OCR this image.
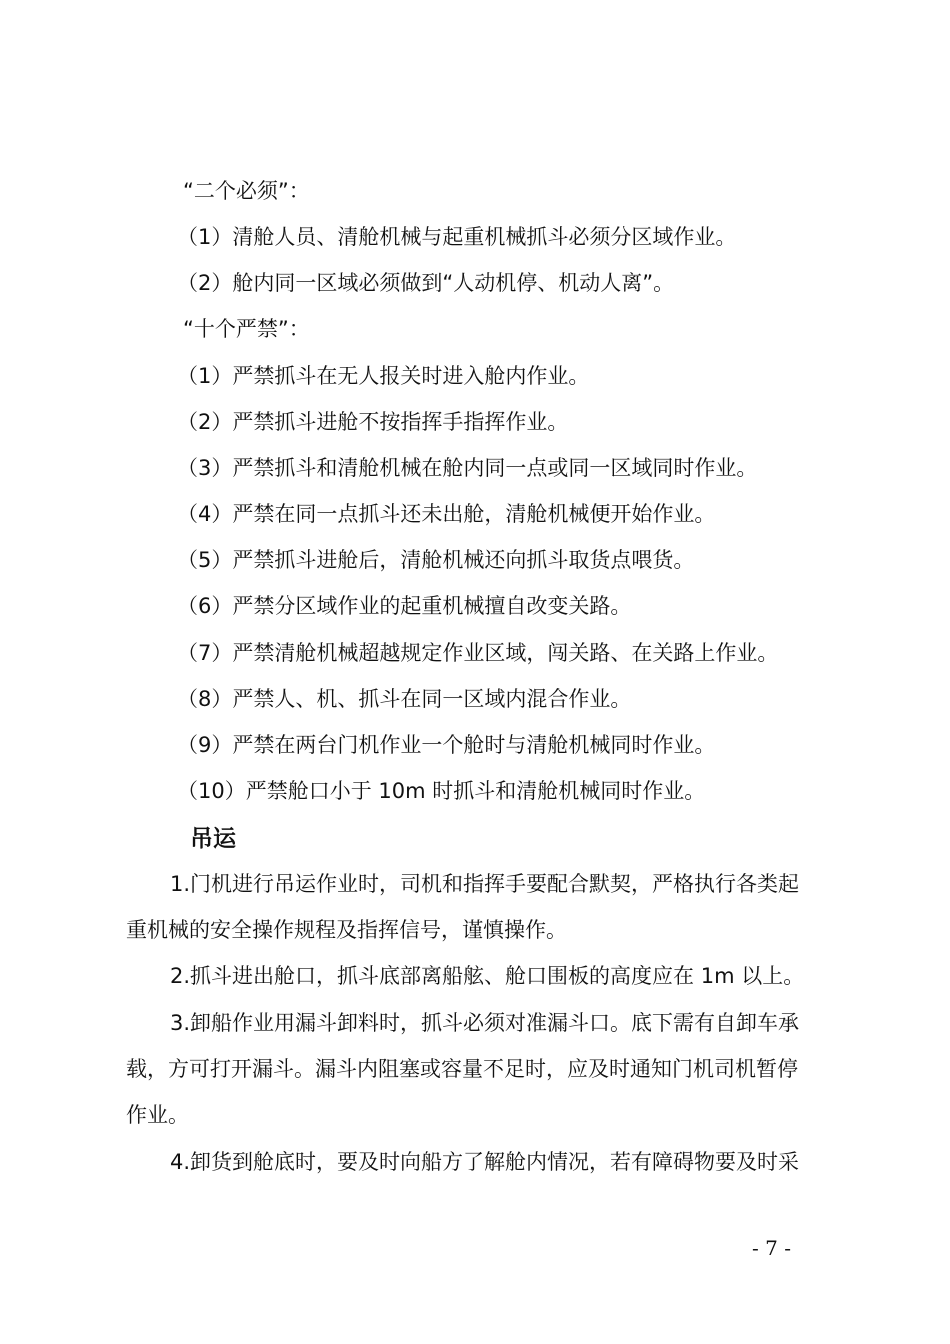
“二个必须”：
（1）清舱人员、清舱机械与起重机械抓斗必须分区域作业。
（2）舱内同一区域必须做到“人动机停、机动人离”。
“十个严禁”：
（1）严禁抓斗在无人报关时进入舱内作业。
（2）严禁抓斗进舱不按指挥手指挥作业。
（3）严禁抓斗和清舱机械在舱内同一点或同一区域同时作业。
（4）严禁在同一点抓斗还未出舱，清舱机械便开始作业。
（5）严禁抓斗进舱后，清舱机械还向抓斗取货点喂货。
（6）严禁分区域作业的起重机械擅自改变关路。
（7）严禁清舱机械超越规定作业区域，闯关路、在关路上作业。
（8）严禁人、机、抓斗在同一区域内混合作业。
（9）严禁在两台门机作业一个舱时与清舱机械同时作业。
（10）严禁舱口小于 10m 时抓斗和清舱机械同时作业。
吊运
1.门机进行吊运作业时，司机和指挥手要配合默契，严格执行各类起
重机械的安全操作规程及指挥信号，谨慎操作。
2.抓斗进出舱口，抓斗底部离船舷、舱口围板的高度应在 1m 以上。
3.卸船作业用漏斗卸料时，抓斗必须对准漏斗口。底下需有自卸车承
载，方可打开漏斗。漏斗内阻塞或容量不足时，应及时通知门机司机暂停
作业。
4.卸货到舱底时，要及时向船方了解舱内情况，若有障碍物要及时采
- 7 -
